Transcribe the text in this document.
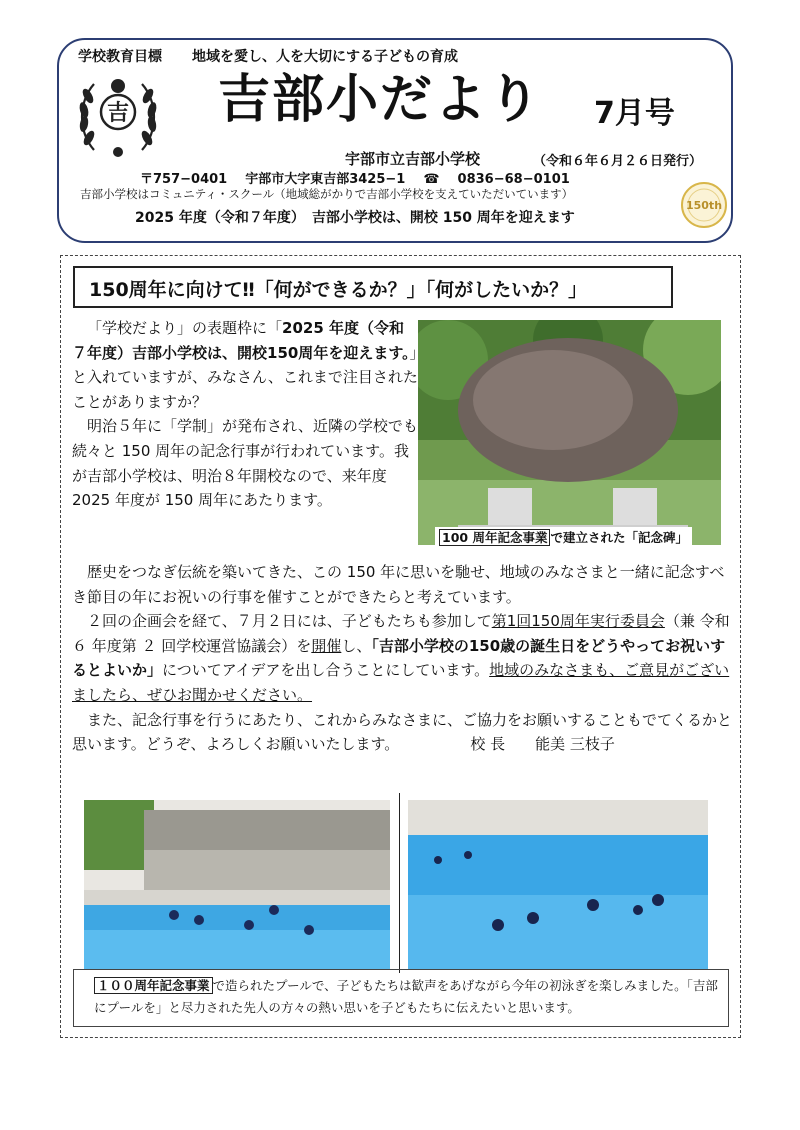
学校教育目標 地域を愛し、人を大切にする子どもの育成
吉 吉部小だより 7月号
宇部市立吉部小学校	（令和６年６月２６日発行）
〒757−0401 宇部市大字東吉部3425−1 ☎ 0836−68−0101
吉部小学校はコミュニティ・スクール（地域総がかりで吉部小学校を支えていただいています）
2025 年度（令和７年度）　吉部小学校は、開校 150 周年を迎えます
150th
150周年に向けて‼「何ができるか？」「何がしたいか？」

「学校だより」の表題枠に「2025 年度（令和７年度）吉部小学校は、開校150周年を迎えます。」と入れていますが、みなさん、これまで注目されたことがありますか？

明治５年に「学制」が発布され、近隣の学校でも続々と 150 周年の記念行事が行われています。我が吉部小学校は、明治８年開校なので、来年度 2025 年度が 150 周年にあたります。

100 周年記念事業 で建立された「記念碑」

歴史をつなぎ伝統を築いてきた、この 150 年に思いを馳せ、地域のみなさまと一緒に記念すべき節目の年にお祝いの行事を催すことができたらと考えています。

２回の企画会を経て、７月２日には、子どもたちも参加して第1回150周年実行委員会（兼 令和 ６ 年度第 ２ 回学校運営協議会）を開催し、「吉部小学校の150歳の誕生日をどうやってお祝いするとよいか」についてアイデアを出し合うことにしています。地域のみなさまも、ご意見がございましたら、ぜひお聞かせください。

また、記念行事を行うにあたり、これからみなさまに、ご協力をお願いすることもでてくるかと思います。どうぞ、よろしくお願いいたします。	校 長　　能美 三枝子

１００周年記念事業 で造られたプールで、子どもたちは歓声をあげながら今年の初泳ぎを楽しみました。「吉部にプールを」と尽力された先人の方々の熱い思いを子どもたちに伝えたいと思います。
